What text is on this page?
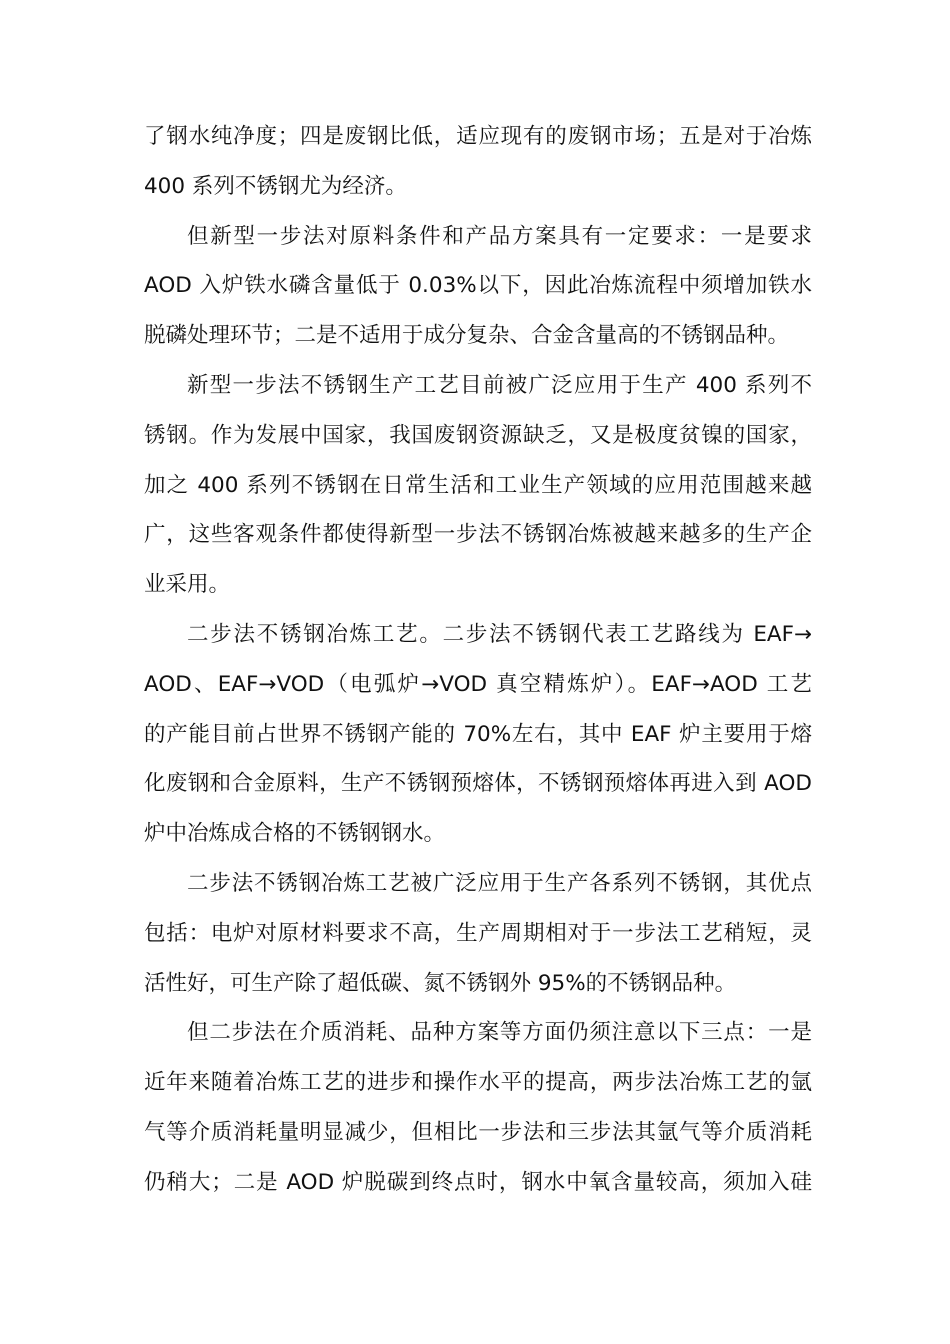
了钢水纯净度；四是废钢比低，适应现有的废钢市场；五是对于冶炼
400 系列不锈钢尤为经济。
但新型一步法对原料条件和产品方案具有一定要求：一是要求
AOD 入炉铁水磷含量低于 0.03%以下，因此冶炼流程中须增加铁水
脱磷处理环节；二是不适用于成分复杂、合金含量高的不锈钢品种。
新型一步法不锈钢生产工艺目前被广泛应用于生产 400 系列不
锈钢。作为发展中国家，我国废钢资源缺乏，又是极度贫镍的国家，
加之 400 系列不锈钢在日常生活和工业生产领域的应用范围越来越
广，这些客观条件都使得新型一步法不锈钢冶炼被越来越多的生产企
业采用。
二步法不锈钢冶炼工艺。二步法不锈钢代表工艺路线为 EAF→
AOD、EAF→VOD（电弧炉→VOD 真空精炼炉）。EAF→AOD 工艺
的产能目前占世界不锈钢产能的 70%左右，其中 EAF 炉主要用于熔
化废钢和合金原料，生产不锈钢预熔体，不锈钢预熔体再进入到 AOD
炉中冶炼成合格的不锈钢钢水。
二步法不锈钢冶炼工艺被广泛应用于生产各系列不锈钢，其优点
包括：电炉对原材料要求不高，生产周期相对于一步法工艺稍短，灵
活性好，可生产除了超低碳、氮不锈钢外 95%的不锈钢品种。
但二步法在介质消耗、品种方案等方面仍须注意以下三点：一是
近年来随着冶炼工艺的进步和操作水平的提高，两步法冶炼工艺的氩
气等介质消耗量明显减少，但相比一步法和三步法其氩气等介质消耗
仍稍大；二是 AOD 炉脱碳到终点时，钢水中氧含量较高，须加入硅
